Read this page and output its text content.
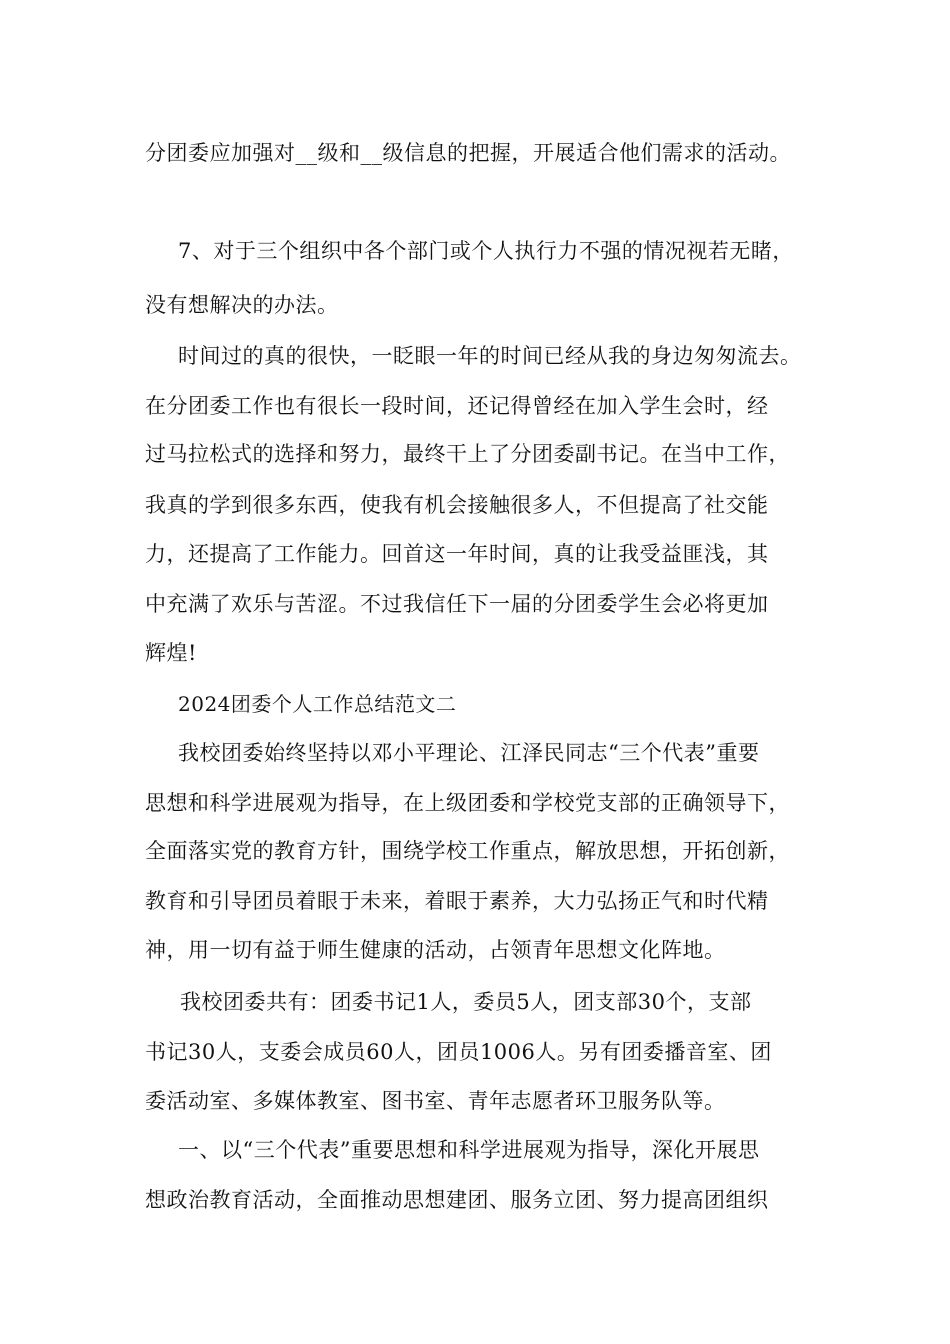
分团委应加强对__级和__级信息的把握，开展适合他们需求的活动。
7、对于三个组织中各个部门或个人执行力不强的情况视若无睹，
没有想解决的办法。
时间过的真的很快，一眨眼一年的时间已经从我的身边匆匆流去。
在分团委工作也有很长一段时间，还记得曾经在加入学生会时，经
过马拉松式的选择和努力，最终干上了分团委副书记。在当中工作，
我真的学到很多东西，使我有机会接触很多人，不但提高了社交能
力，还提高了工作能力。回首这一年时间，真的让我受益匪浅，其
中充满了欢乐与苦涩。不过我信任下一届的分团委学生会必将更加
辉煌!
2024团委个人工作总结范文二
我校团委始终坚持以邓小平理论、江泽民同志“三个代表”重要
思想和科学进展观为指导，在上级团委和学校党支部的正确领导下，
全面落实党的教育方针，围绕学校工作重点，解放思想，开拓创新，
教育和引导团员着眼于未来，着眼于素养，大力弘扬正气和时代精
神，用一切有益于师生健康的活动，占领青年思想文化阵地。
我校团委共有：团委书记1人，委员5人，团支部30个，支部
书记30人，支委会成员60人，团员1006人。另有团委播音室、团
委活动室、多媒体教室、图书室、青年志愿者环卫服务队等。
一、以“三个代表”重要思想和科学进展观为指导，深化开展思
想政治教育活动，全面推动思想建团、服务立团、努力提高团组织
